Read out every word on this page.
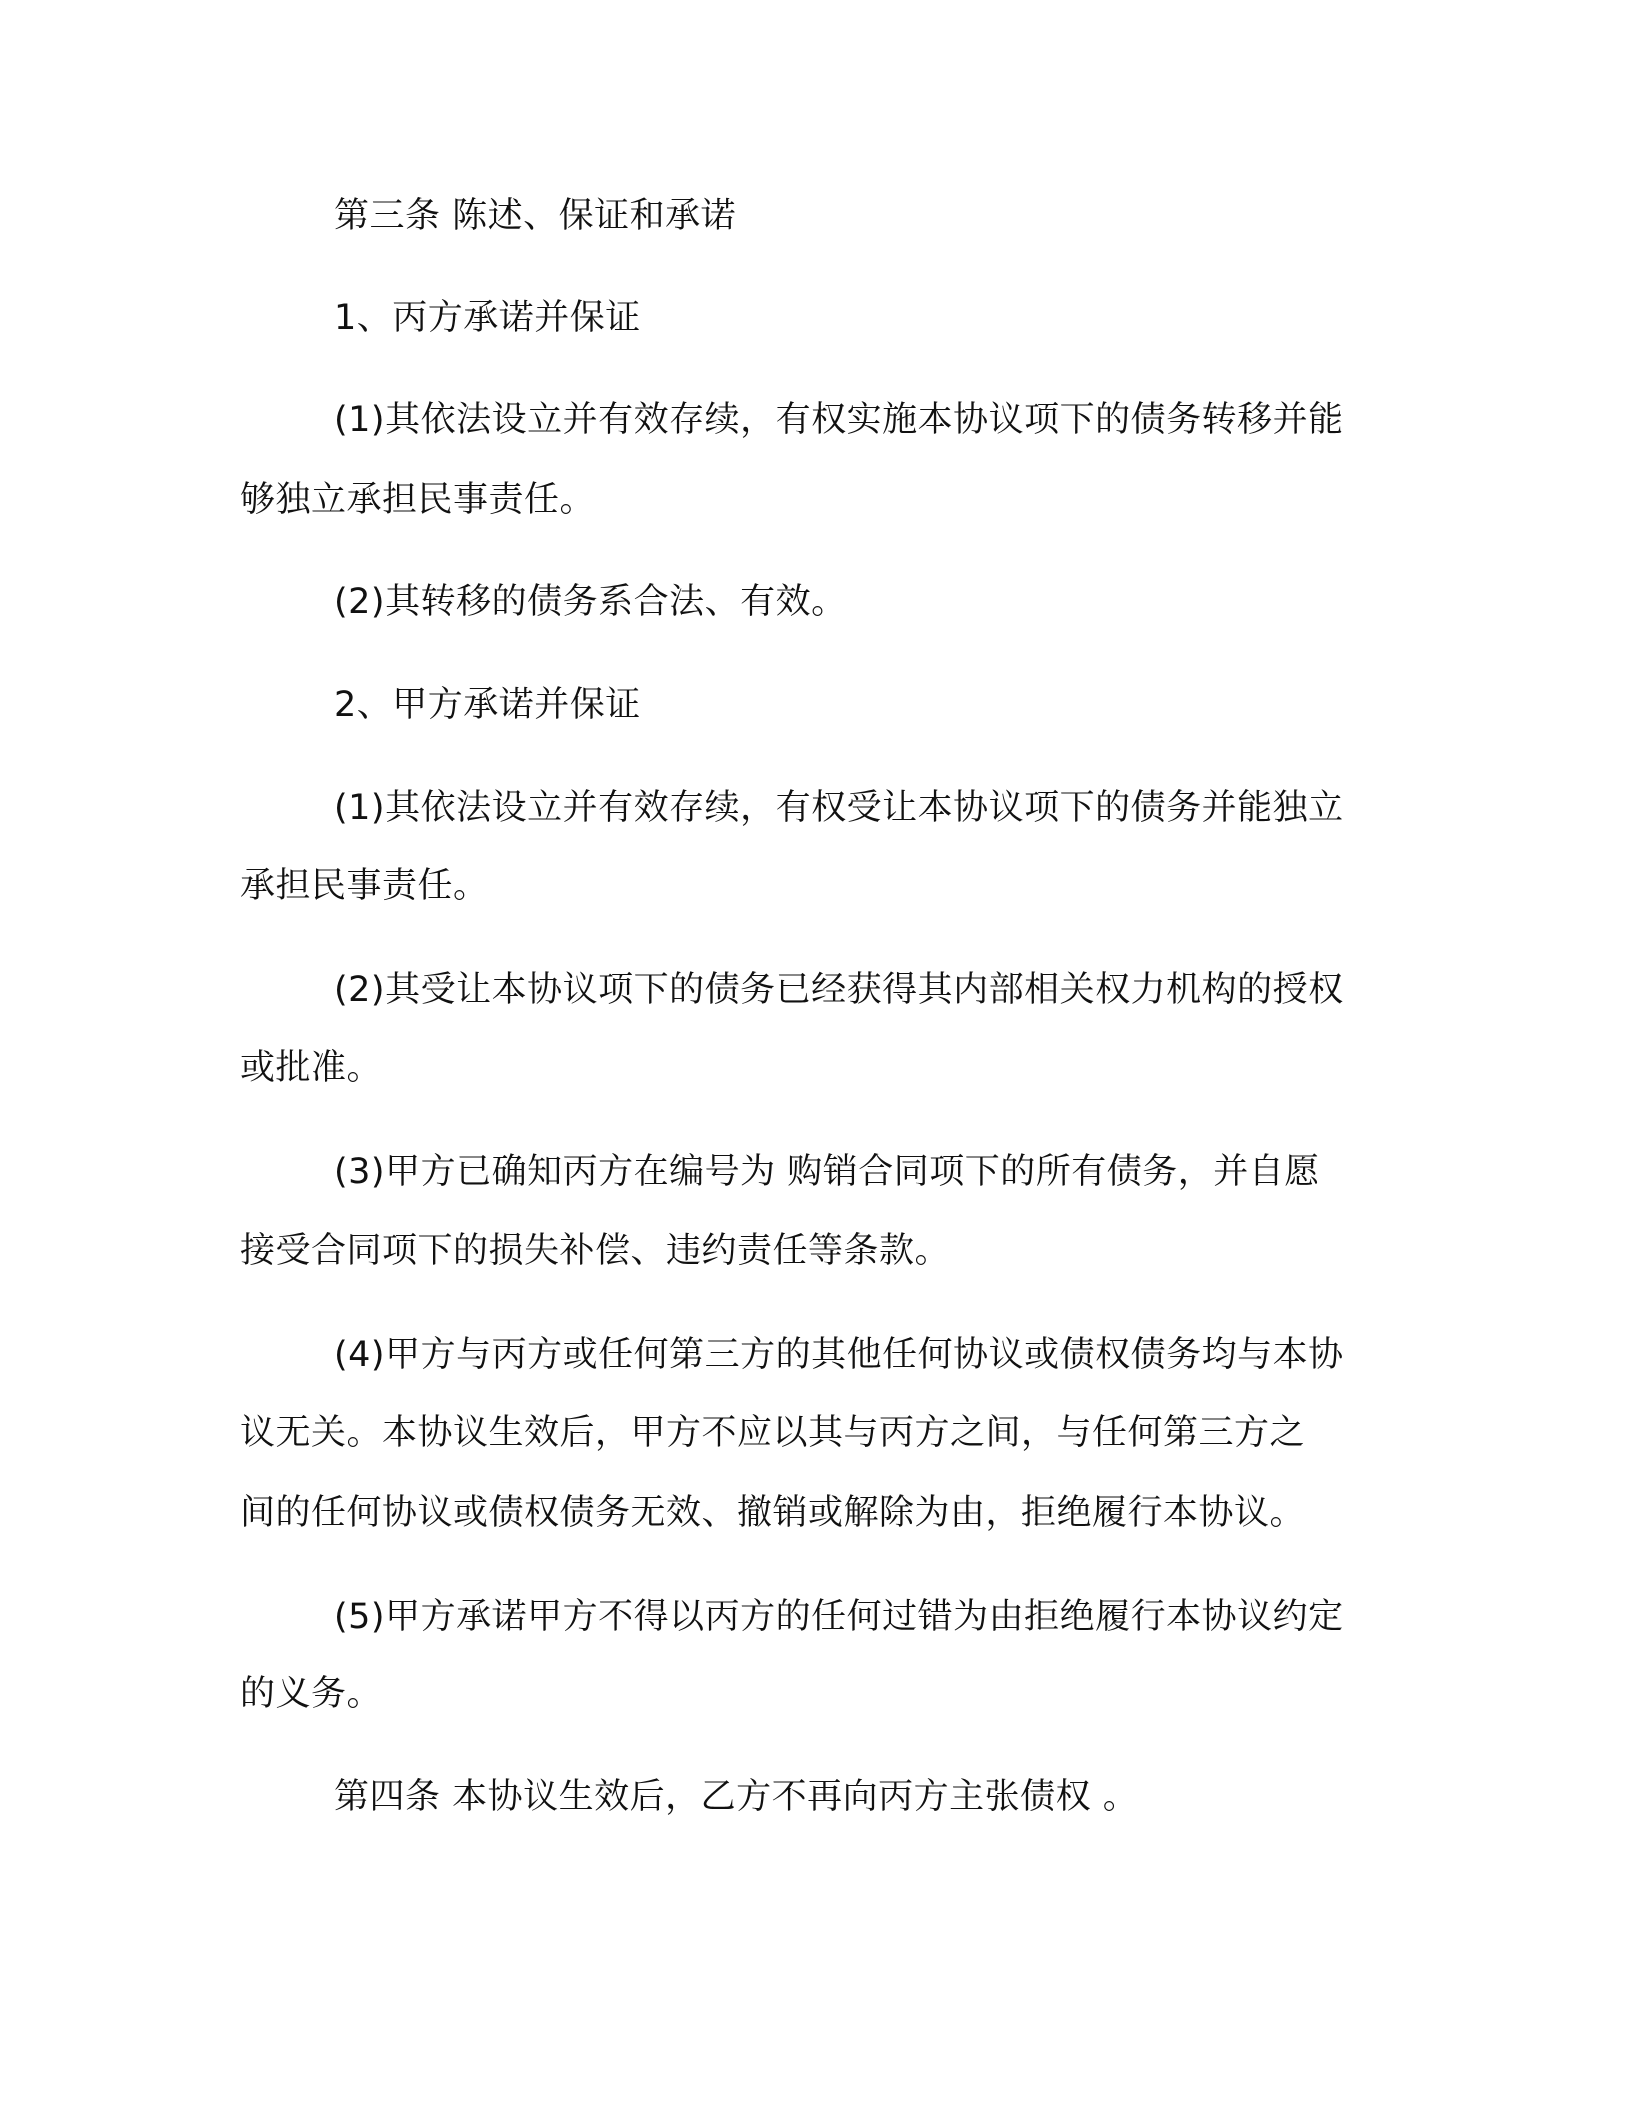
第三条 陈述、保证和承诺
1、丙方承诺并保证
(1)其依法设立并有效存续，有权实施本协议项下的债务转移并能
够独立承担民事责任。
(2)其转移的债务系合法、有效。
2、甲方承诺并保证
(1)其依法设立并有效存续，有权受让本协议项下的债务并能独立
承担民事责任。
(2)其受让本协议项下的债务已经获得其内部相关权力机构的授权
或批准。
(3)甲方已确知丙方在编号为 购销合同项下的所有债务，并自愿
接受合同项下的损失补偿、违约责任等条款。
(4)甲方与丙方或任何第三方的其他任何协议或债权债务均与本协
议无关。本协议生效后，甲方不应以其与丙方之间，与任何第三方之
间的任何协议或债权债务无效、撤销或解除为由，拒绝履行本协议。
(5)甲方承诺甲方不得以丙方的任何过错为由拒绝履行本协议约定
的义务。
第四条 本协议生效后，乙方不再向丙方主张债权 。
